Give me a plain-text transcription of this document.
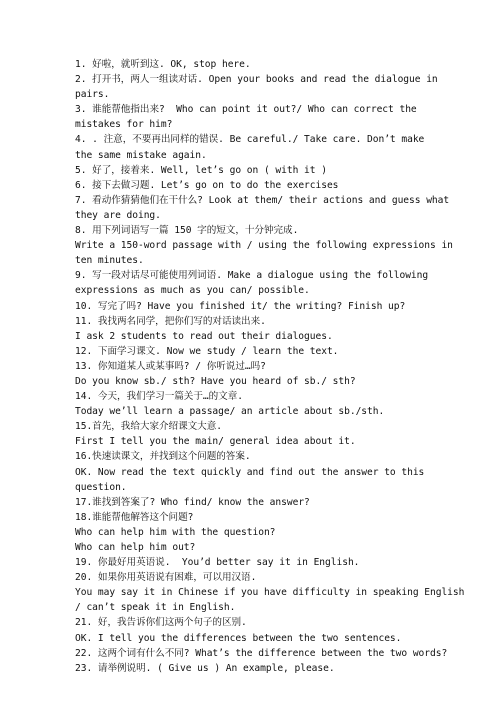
1. 好啦，就听到这. OK, stop here.
2. 打开书，两人一组读对话. Open your books and read the dialogue in
pairs.
3. 谁能帮他指出来?  Who can point it out?/ Who can correct the
mistakes for him?
4. . 注意，不要再出同样的错误. Be careful./ Take care. Don’t make
the same mistake again.
5. 好了，接着来. Well, let’s go on ( with it )
6. 接下去做习题. Let’s go on to do the exercises
7. 看动作猜猜他们在干什么? Look at them/ their actions and guess what
they are doing.
8. 用下列词语写一篇 150 字的短文，十分钟完成.
Write a 150-word passage with / using the following expressions in
ten minutes.
9. 写一段对话尽可能使用列词语. Make a dialogue using the following
expressions as much as you can/ possible.
10. 写完了吗? Have you finished it/ the writing? Finish up?
11. 我找两名同学，把你们写的对话读出来.
I ask 2 students to read out their dialogues.
12. 下面学习课文. Now we study / learn the text.
13. 你知道某人或某事吗? / 你听说过…吗?
Do you know sb./ sth? Have you heard of sb./ sth?
14. 今天，我们学习一篇关于…的文章.
Today we’ll learn a passage/ an article about sb./sth.
15.首先，我给大家介绍课文大意.
First I tell you the main/ general idea about it.
16.快速读课文，并找到这个问题的答案.
OK. Now read the text quickly and find out the answer to this
question.
17.谁找到答案了? Who find/ know the answer?
18.谁能帮他解答这个问题?
Who can help him with the question?
Who can help him out?
19. 你最好用英语说.  You’d better say it in English.
20. 如果你用英语说有困难，可以用汉语.
You may say it in Chinese if you have difficulty in speaking English
/ can’t speak it in English.
21. 好，我告诉你们这两个句子的区别.
OK. I tell you the differences between the two sentences.
22. 这两个词有什么不同? What’s the difference between the two words?
23. 请举例说明. ( Give us ) An example, please.
